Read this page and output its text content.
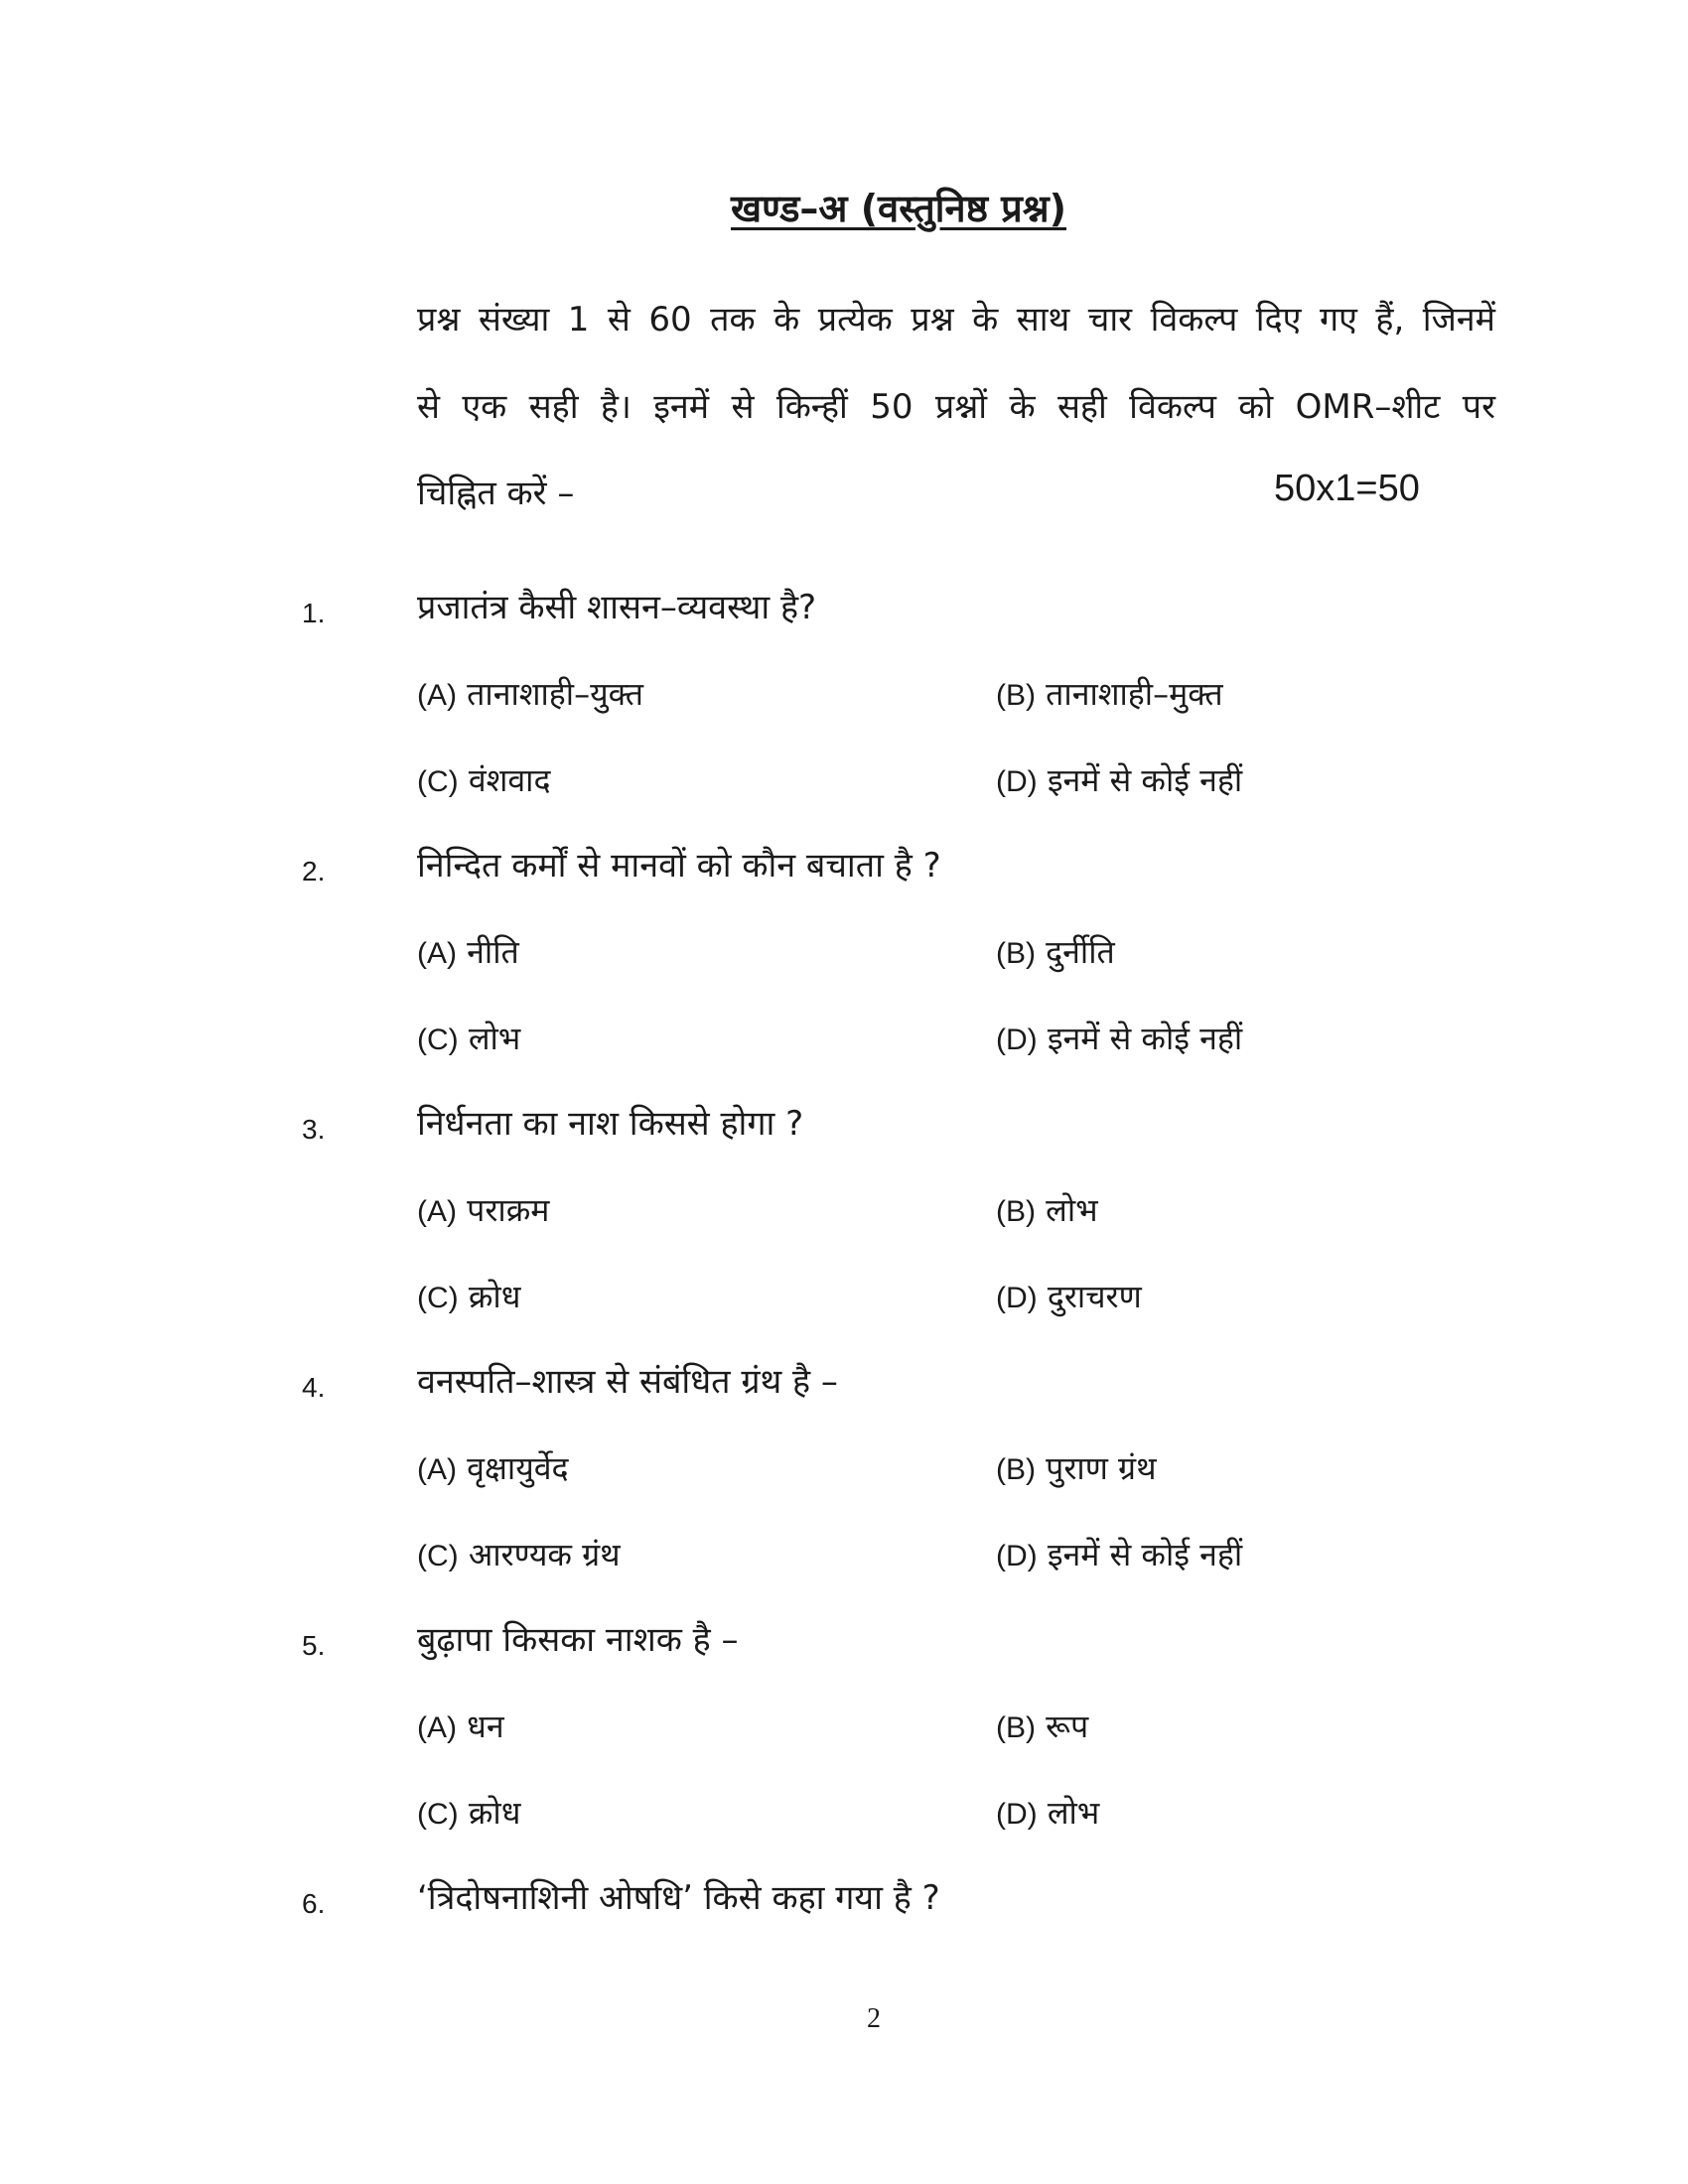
खण्ड–अ (वस्तुनिष्ठ प्रश्न)
प्रश्न संख्या 1 से 60 तक के प्रत्येक प्रश्न के साथ चार विकल्प दिए गए हैं, जिनमें
से एक सही है। इनमें से किन्हीं 50 प्रश्नों के सही विकल्प को OMR–शीट पर
चिह्नित करें –	50x1=50
1.	प्रजातंत्र कैसी शासन–व्यवस्था है?
(A) तानाशाही–युक्त	(B) तानाशाही–मुक्त
(C) वंशवाद	(D) इनमें से कोई नहीं
2.	निन्दित कर्मों से मानवों को कौन बचाता है ?
(A) नीति	(B) दुर्नीति
(C) लोभ	(D) इनमें से कोई नहीं
3.	निर्धनता का नाश किससे होगा ?
(A) पराक्रम	(B) लोभ
(C) क्रोध	(D) दुराचरण
4.	वनस्पति–शास्त्र से संबंधित ग्रंथ है –
(A) वृक्षायुर्वेद	(B) पुराण ग्रंथ
(C) आरण्यक ग्रंथ	(D) इनमें से कोई नहीं
5.	बुढ़ापा किसका नाशक है –
(A) धन	(B) रूप
(C) क्रोध	(D) लोभ
6.	‘त्रिदोषनाशिनी ओषधि’ किसे कहा गया है ?
2
